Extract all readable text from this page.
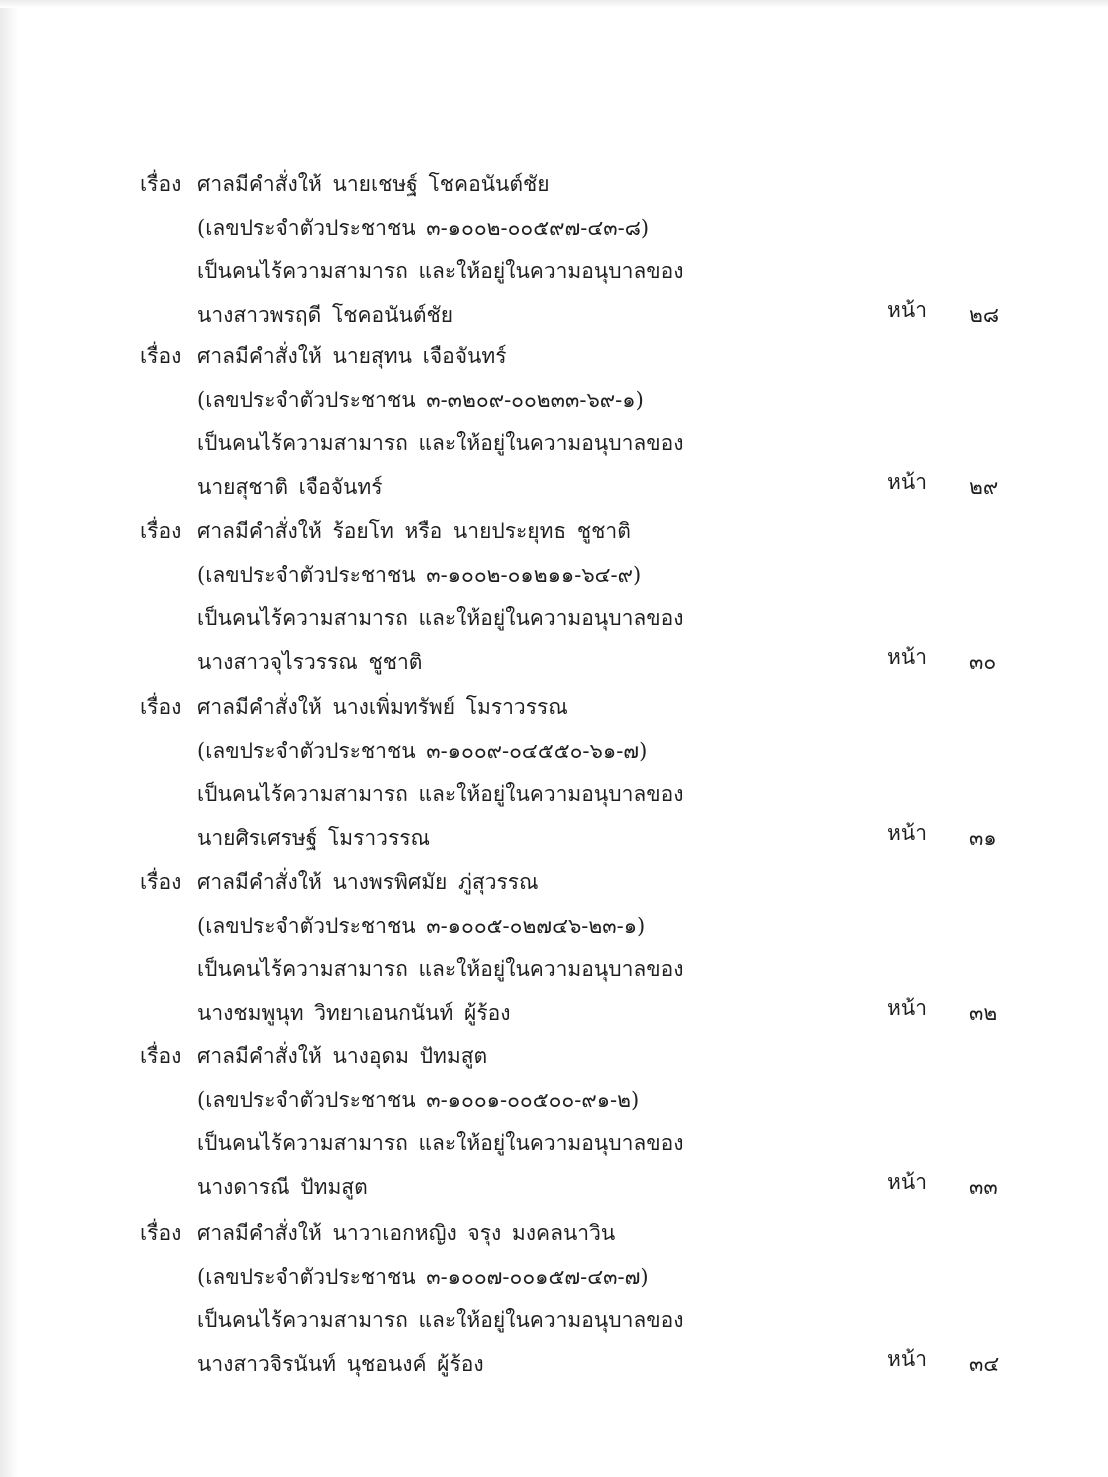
เรื่อง ศาลมีคำสั่งให้ นายเชษฐ์ โชคอนันต์ชัย
(เลขประจำตัวประชาชน ๓-๑๐๐๒-๐๐๕๙๗-๔๓-๘)
เป็นคนไร้ความสามารถ และให้อยู่ในความอนุบาลของ
นางสาวพรฤดี โชคอนันต์ชัย	หน้า ๒๘
เรื่อง ศาลมีคำสั่งให้ นายสุทน เจือจันทร์
(เลขประจำตัวประชาชน ๓-๓๒๐๙-๐๐๒๓๓-๖๙-๑)
เป็นคนไร้ความสามารถ และให้อยู่ในความอนุบาลของ
นายสุชาติ เจือจันทร์	หน้า ๒๙
เรื่อง ศาลมีคำสั่งให้ ร้อยโท หรือ นายประยุทธ ชูชาติ
(เลขประจำตัวประชาชน ๓-๑๐๐๒-๐๑๒๑๑-๖๔-๙)
เป็นคนไร้ความสามารถ และให้อยู่ในความอนุบาลของ
นางสาวจุไรวรรณ ชูชาติ	หน้า ๓๐
เรื่อง ศาลมีคำสั่งให้ นางเพิ่มทรัพย์ โมราวรรณ
(เลขประจำตัวประชาชน ๓-๑๐๐๙-๐๔๕๕๐-๖๑-๗)
เป็นคนไร้ความสามารถ และให้อยู่ในความอนุบาลของ
นายศิรเศรษฐ์ โมราวรรณ	หน้า ๓๑
เรื่อง ศาลมีคำสั่งให้ นางพรพิศมัย ภู่สุวรรณ
(เลขประจำตัวประชาชน ๓-๑๐๐๕-๐๒๗๔๖-๒๓-๑)
เป็นคนไร้ความสามารถ และให้อยู่ในความอนุบาลของ
นางชมพูนุท วิทยาเอนกนันท์ ผู้ร้อง	หน้า ๓๒
เรื่อง ศาลมีคำสั่งให้ นางอุดม ปัทมสูต
(เลขประจำตัวประชาชน ๓-๑๐๐๑-๐๐๕๐๐-๙๑-๒)
เป็นคนไร้ความสามารถ และให้อยู่ในความอนุบาลของ
นางดารณี ปัทมสูต	หน้า ๓๓
เรื่อง ศาลมีคำสั่งให้ นาวาเอกหญิง จรุง มงคลนาวิน
(เลขประจำตัวประชาชน ๓-๑๐๐๗-๐๐๑๕๗-๔๓-๗)
เป็นคนไร้ความสามารถ และให้อยู่ในความอนุบาลของ
นางสาวจิรนันท์ นุชอนงค์ ผู้ร้อง	หน้า ๓๔
